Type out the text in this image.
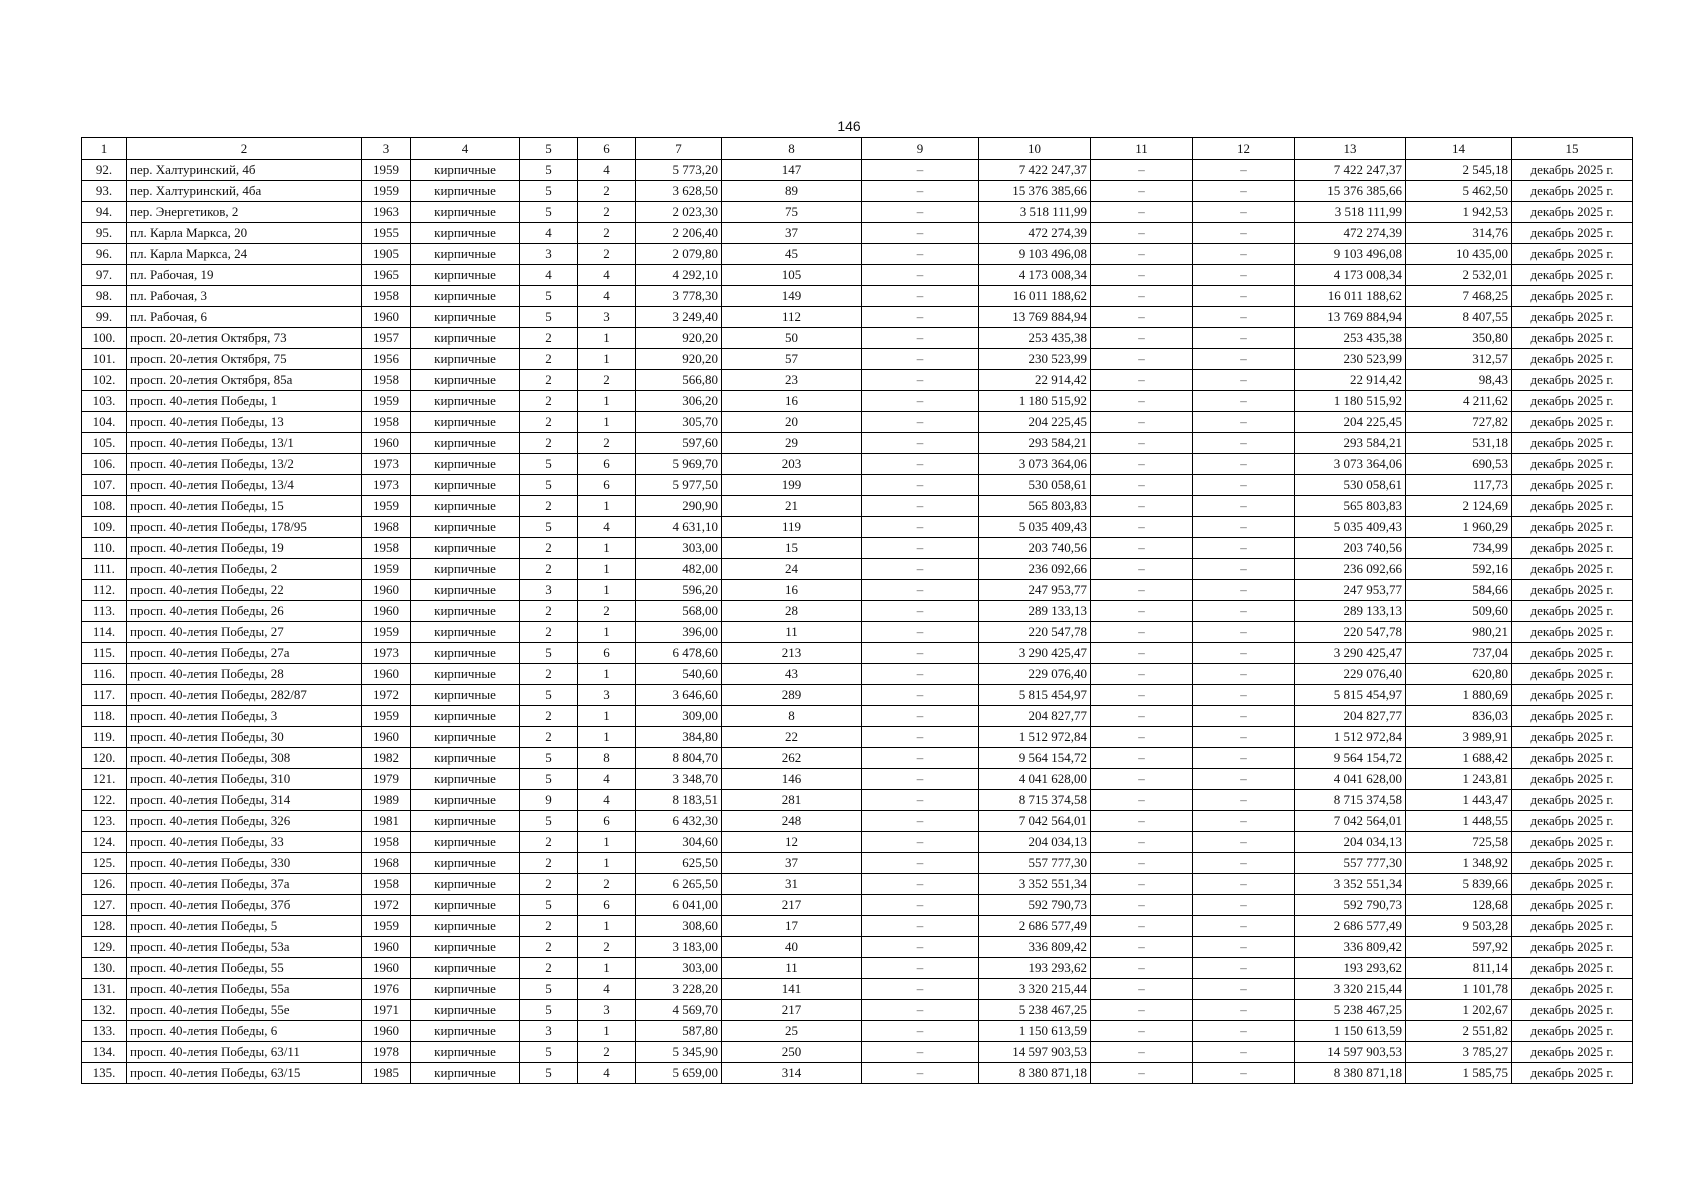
146
1	2	3	4	5	6	7	8	9	10	11	12	13	14	15
92.	пер. Халтуринский, 4б	1959	кирпичные	5	4	5 773,20	147	–	7 422 247,37	–	–	7 422 247,37	2 545,18	декабрь 2025 г.
93.	пер. Халтуринский, 4ба	1959	кирпичные	5	2	3 628,50	89	–	15 376 385,66	–	–	15 376 385,66	5 462,50	декабрь 2025 г.
94.	пер. Энергетиков, 2	1963	кирпичные	5	2	2 023,30	75	–	3 518 111,99	–	–	3 518 111,99	1 942,53	декабрь 2025 г.
95.	пл. Карла Маркса, 20	1955	кирпичные	4	2	2 206,40	37	–	472 274,39	–	–	472 274,39	314,76	декабрь 2025 г.
96.	пл. Карла Маркса, 24	1905	кирпичные	3	2	2 079,80	45	–	9 103 496,08	–	–	9 103 496,08	10 435,00	декабрь 2025 г.
97.	пл. Рабочая, 19	1965	кирпичные	4	4	4 292,10	105	–	4 173 008,34	–	–	4 173 008,34	2 532,01	декабрь 2025 г.
98.	пл. Рабочая, 3	1958	кирпичные	5	4	3 778,30	149	–	16 011 188,62	–	–	16 011 188,62	7 468,25	декабрь 2025 г.
99.	пл. Рабочая, 6	1960	кирпичные	5	3	3 249,40	112	–	13 769 884,94	–	–	13 769 884,94	8 407,55	декабрь 2025 г.
100.	просп. 20-летия Октября, 73	1957	кирпичные	2	1	920,20	50	–	253 435,38	–	–	253 435,38	350,80	декабрь 2025 г.
101.	просп. 20-летия Октября, 75	1956	кирпичные	2	1	920,20	57	–	230 523,99	–	–	230 523,99	312,57	декабрь 2025 г.
102.	просп. 20-летия Октября, 85а	1958	кирпичные	2	2	566,80	23	–	22 914,42	–	–	22 914,42	98,43	декабрь 2025 г.
103.	просп. 40-летия Победы, 1	1959	кирпичные	2	1	306,20	16	–	1 180 515,92	–	–	1 180 515,92	4 211,62	декабрь 2025 г.
104.	просп. 40-летия Победы, 13	1958	кирпичные	2	1	305,70	20	–	204 225,45	–	–	204 225,45	727,82	декабрь 2025 г.
105.	просп. 40-летия Победы, 13/1	1960	кирпичные	2	2	597,60	29	–	293 584,21	–	–	293 584,21	531,18	декабрь 2025 г.
106.	просп. 40-летия Победы, 13/2	1973	кирпичные	5	6	5 969,70	203	–	3 073 364,06	–	–	3 073 364,06	690,53	декабрь 2025 г.
107.	просп. 40-летия Победы, 13/4	1973	кирпичные	5	6	5 977,50	199	–	530 058,61	–	–	530 058,61	117,73	декабрь 2025 г.
108.	просп. 40-летия Победы, 15	1959	кирпичные	2	1	290,90	21	–	565 803,83	–	–	565 803,83	2 124,69	декабрь 2025 г.
109.	просп. 40-летия Победы, 178/95	1968	кирпичные	5	4	4 631,10	119	–	5 035 409,43	–	–	5 035 409,43	1 960,29	декабрь 2025 г.
110.	просп. 40-летия Победы, 19	1958	кирпичные	2	1	303,00	15	–	203 740,56	–	–	203 740,56	734,99	декабрь 2025 г.
111.	просп. 40-летия Победы, 2	1959	кирпичные	2	1	482,00	24	–	236 092,66	–	–	236 092,66	592,16	декабрь 2025 г.
112.	просп. 40-летия Победы, 22	1960	кирпичные	3	1	596,20	16	–	247 953,77	–	–	247 953,77	584,66	декабрь 2025 г.
113.	просп. 40-летия Победы, 26	1960	кирпичные	2	2	568,00	28	–	289 133,13	–	–	289 133,13	509,60	декабрь 2025 г.
114.	просп. 40-летия Победы, 27	1959	кирпичные	2	1	396,00	11	–	220 547,78	–	–	220 547,78	980,21	декабрь 2025 г.
115.	просп. 40-летия Победы, 27а	1973	кирпичные	5	6	6 478,60	213	–	3 290 425,47	–	–	3 290 425,47	737,04	декабрь 2025 г.
116.	просп. 40-летия Победы, 28	1960	кирпичные	2	1	540,60	43	–	229 076,40	–	–	229 076,40	620,80	декабрь 2025 г.
117.	просп. 40-летия Победы, 282/87	1972	кирпичные	5	3	3 646,60	289	–	5 815 454,97	–	–	5 815 454,97	1 880,69	декабрь 2025 г.
118.	просп. 40-летия Победы, 3	1959	кирпичные	2	1	309,00	8	–	204 827,77	–	–	204 827,77	836,03	декабрь 2025 г.
119.	просп. 40-летия Победы, 30	1960	кирпичные	2	1	384,80	22	–	1 512 972,84	–	–	1 512 972,84	3 989,91	декабрь 2025 г.
120.	просп. 40-летия Победы, 308	1982	кирпичные	5	8	8 804,70	262	–	9 564 154,72	–	–	9 564 154,72	1 688,42	декабрь 2025 г.
121.	просп. 40-летия Победы, 310	1979	кирпичные	5	4	3 348,70	146	–	4 041 628,00	–	–	4 041 628,00	1 243,81	декабрь 2025 г.
122.	просп. 40-летия Победы, 314	1989	кирпичные	9	4	8 183,51	281	–	8 715 374,58	–	–	8 715 374,58	1 443,47	декабрь 2025 г.
123.	просп. 40-летия Победы, 326	1981	кирпичные	5	6	6 432,30	248	–	7 042 564,01	–	–	7 042 564,01	1 448,55	декабрь 2025 г.
124.	просп. 40-летия Победы, 33	1958	кирпичные	2	1	304,60	12	–	204 034,13	–	–	204 034,13	725,58	декабрь 2025 г.
125.	просп. 40-летия Победы, 330	1968	кирпичные	2	1	625,50	37	–	557 777,30	–	–	557 777,30	1 348,92	декабрь 2025 г.
126.	просп. 40-летия Победы, 37а	1958	кирпичные	2	2	6 265,50	31	–	3 352 551,34	–	–	3 352 551,34	5 839,66	декабрь 2025 г.
127.	просп. 40-летия Победы, 37б	1972	кирпичные	5	6	6 041,00	217	–	592 790,73	–	–	592 790,73	128,68	декабрь 2025 г.
128.	просп. 40-летия Победы, 5	1959	кирпичные	2	1	308,60	17	–	2 686 577,49	–	–	2 686 577,49	9 503,28	декабрь 2025 г.
129.	просп. 40-летия Победы, 53а	1960	кирпичные	2	2	3 183,00	40	–	336 809,42	–	–	336 809,42	597,92	декабрь 2025 г.
130.	просп. 40-летия Победы, 55	1960	кирпичные	2	1	303,00	11	–	193 293,62	–	–	193 293,62	811,14	декабрь 2025 г.
131.	просп. 40-летия Победы, 55а	1976	кирпичные	5	4	3 228,20	141	–	3 320 215,44	–	–	3 320 215,44	1 101,78	декабрь 2025 г.
132.	просп. 40-летия Победы, 55е	1971	кирпичные	5	3	4 569,70	217	–	5 238 467,25	–	–	5 238 467,25	1 202,67	декабрь 2025 г.
133.	просп. 40-летия Победы, 6	1960	кирпичные	3	1	587,80	25	–	1 150 613,59	–	–	1 150 613,59	2 551,82	декабрь 2025 г.
134.	просп. 40-летия Победы, 63/11	1978	кирпичные	5	2	5 345,90	250	–	14 597 903,53	–	–	14 597 903,53	3 785,27	декабрь 2025 г.
135.	просп. 40-летия Победы, 63/15	1985	кирпичные	5	4	5 659,00	314	–	8 380 871,18	–	–	8 380 871,18	1 585,75	декабрь 2025 г.
